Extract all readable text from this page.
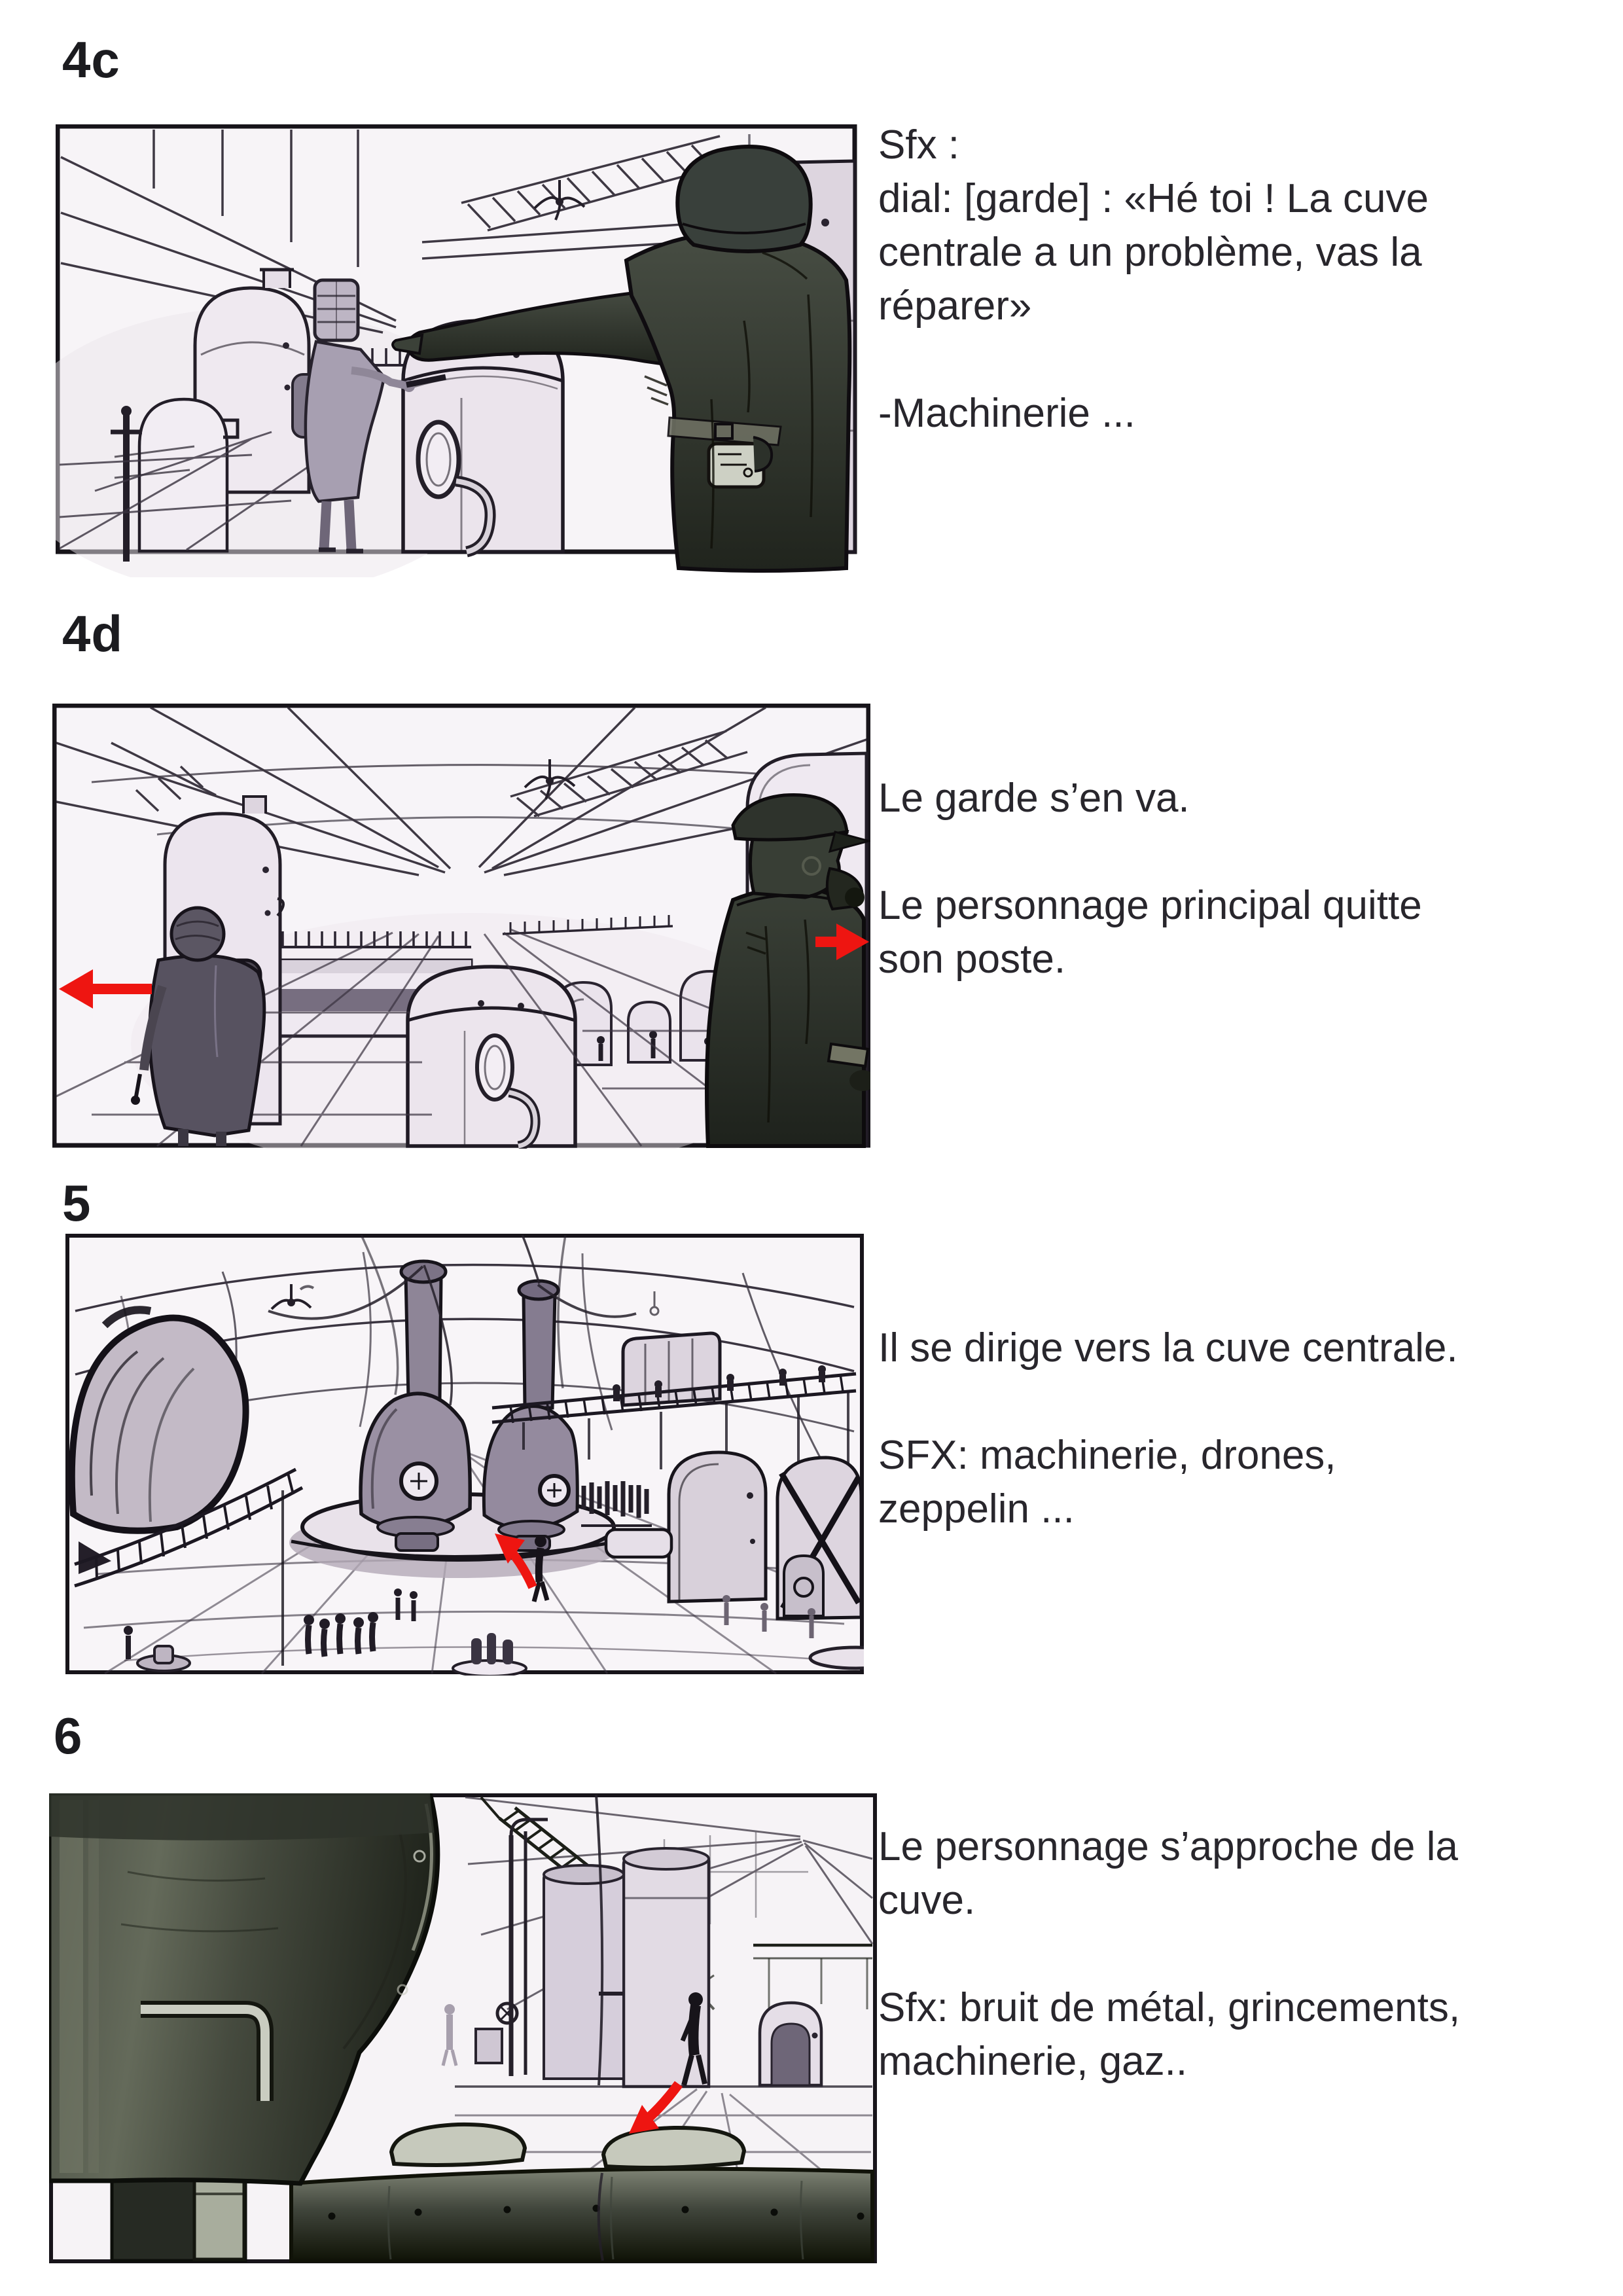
4c
Sfx :
dial: [garde] : «Hé toi ! La cuve
centrale a un problème, vas la
réparer»
-Machinerie ...
4d
Le garde s’en va.
Le personnage principal quitte
son poste.
5
Il se dirige vers la cuve centrale.
SFX: machinerie, drones,
zeppelin ...
6
Le personnage s’approche de la
cuve.
Sfx: bruit de métal, grincements,
machinerie, gaz..
